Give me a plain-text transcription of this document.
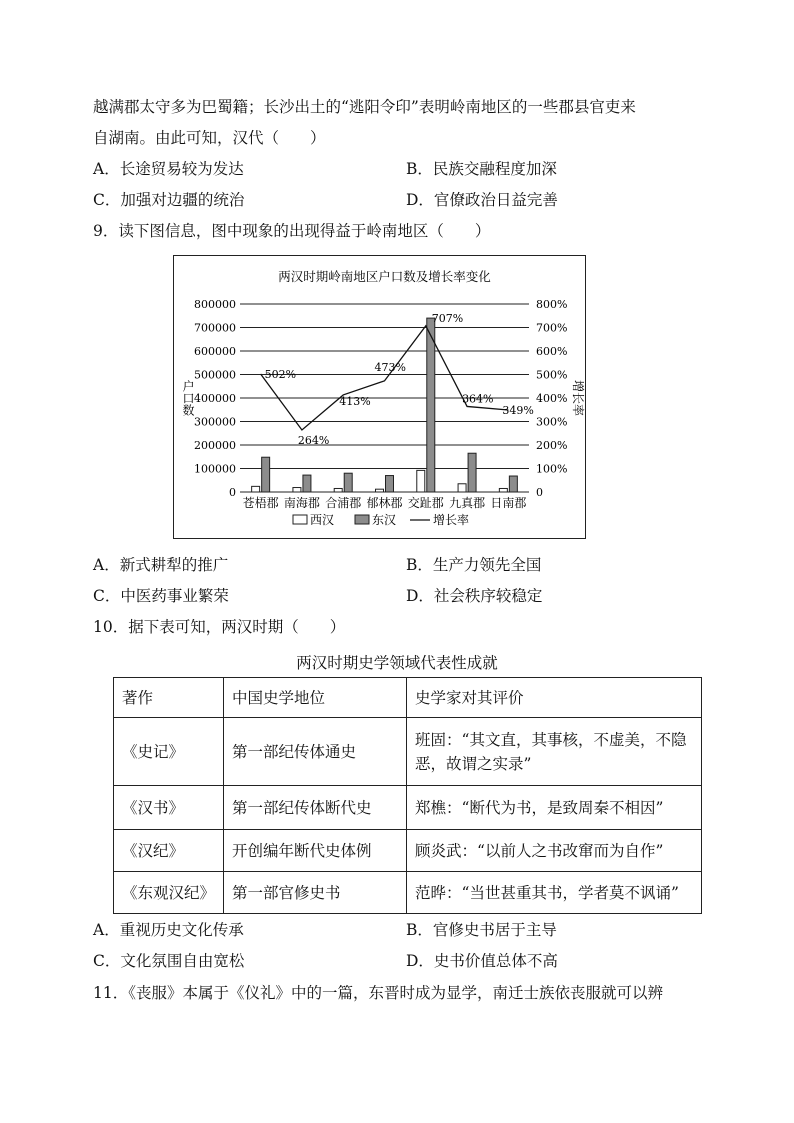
越满郡太守多为巴蜀籍；长沙出土的“逃阳令印”表明岭南地区的一些郡县官吏来
自湖南。由此可知，汉代（　　）
A．长途贸易较为发达	B．民族交融程度加深
C．加强对边疆的统治	D．官僚政治日益完善
9．读下图信息，图中现象的出现得益于岭南地区（　　）
两汉时期岭南地区户口数及增长率变化
0
100000
200000
300000
400000
500000
600000
700000
800000
0
100%
200%
300%
400%
500%
600%
700%
800%
户口数	增长率
苍梧郡 南海郡 合浦郡 郁林郡 交趾郡 九真郡 日南郡
502%
264%
413%
473%
707%
364%
349%
西汉	东汉	增长率
A．新式耕犁的推广	B．生产力领先全国
C．中医药事业繁荣	D．社会秩序较稳定
10．据下表可知，两汉时期（　　）
两汉时期史学领域代表性成就
著作	中国史学地位	史学家对其评价
《史记》	第一部纪传体通史	班固：“其文直，其事核，不虚美，不隐恶，故谓之实录”
《汉书》	第一部纪传体断代史	郑樵：“断代为书，是致周秦不相因”
《汉纪》	开创编年断代史体例	顾炎武：“以前人之书改窜而为自作”
《东观汉纪》	第一部官修史书	范晔：“当世甚重其书，学者莫不讽诵”
A．重视历史文化传承	B．官修史书居于主导
C．文化氛围自由宽松	D．史书价值总体不高
11．《丧服》本属于《仪礼》中的一篇，东晋时成为显学，南迁士族依丧服就可以辨
